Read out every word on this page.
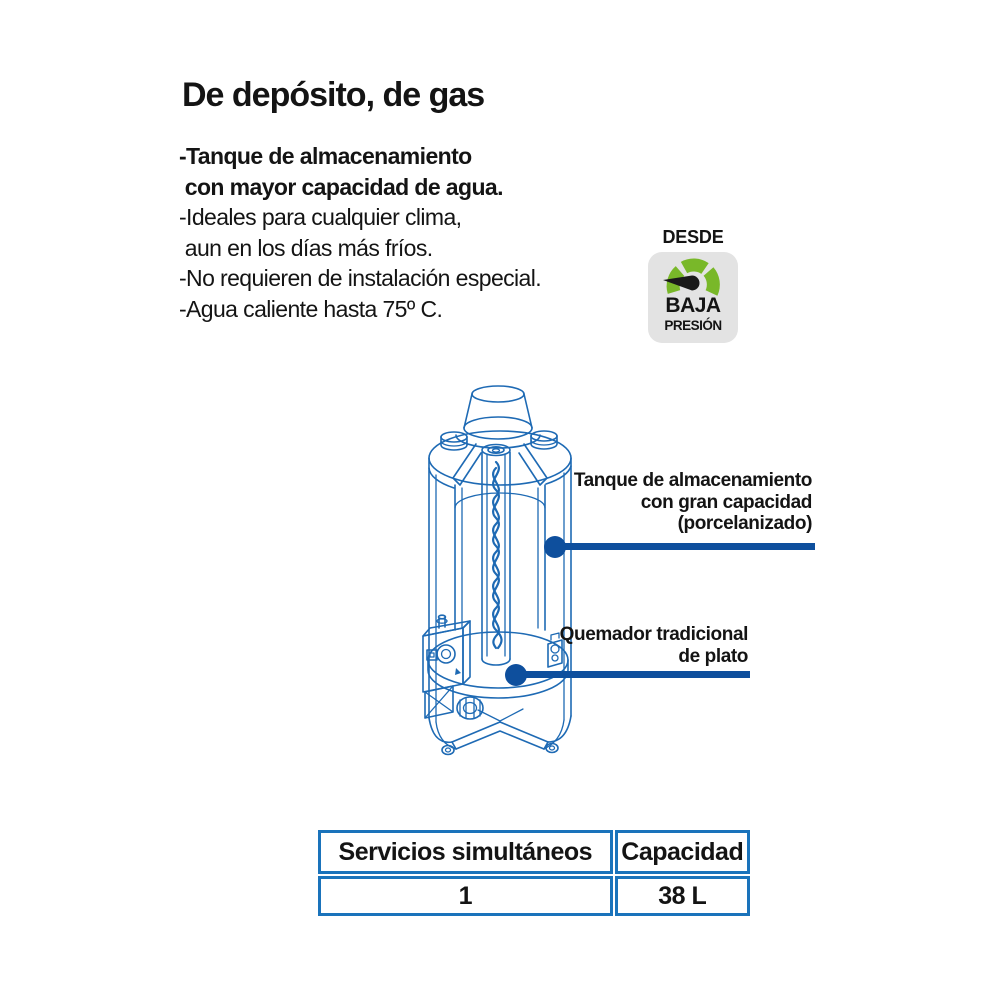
De depósito, de gas
-Tanque de almacenamiento
con mayor capacidad de agua.
-Ideales para cualquier clima,
aun en los días más fríos.
-No requieren de instalación especial.
-Agua caliente hasta 75º C.
DESDE
BAJA
PRESIÓN
Tanque de almacenamiento
con gran capacidad
(porcelanizado)
Quemador tradicional
de plato
Servicios simultáneos	Capacidad
1	38 L
